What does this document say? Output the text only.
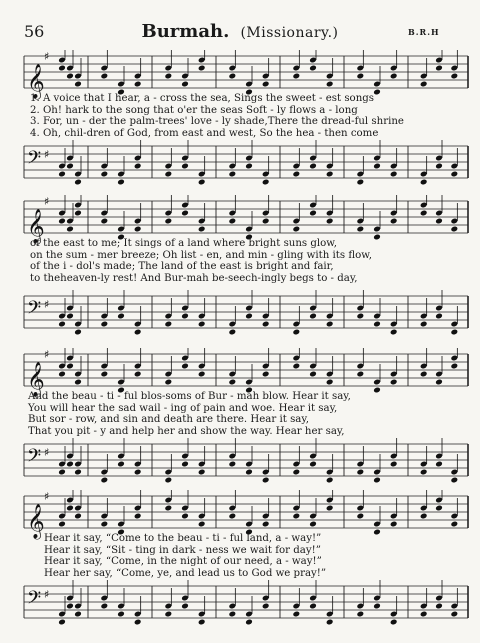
56	Burmah. (Missionary.)	B.R.H
𝄞
♯
1. A voice that I hear, a - cross the sea, Sings the sweet - est songs
2. Oh! hark to the song that o'er the seas Soft - ly flows a - long
3. For, un - der the palm-trees' love - ly shade,There the dread-ful shrine
4. Oh, chil-dren of God, from east and west, So the hea - then come
𝄢 ♯
𝄞
♯
of the east to me; It sings of a land where bright suns glow,
on the sum - mer breeze; Oh list - en, and min - gling with its flow,
of the i - dol's made; The land of the east is bright and fair,
to theheaven-ly rest! And Bur-mah be-seech-ingly begs to - day,
𝄢 ♯
𝄞
♯
And the beau - ti - ful blos-soms of Bur - mah blow. Hear it say,
You will hear the sad wail - ing of pain and woe. Hear it say,
But sor - row, and sin and death are there. Hear it say,
That you pit - y and help her and show the way. Hear her say,
𝄢 ♯
𝄞
♯
Hear it say, “Come to the beau - ti - ful land, a - way!”
Hear it say, “Sit - ting in dark - ness we wait for day!”
Hear it say, “Come, in the night of our need, a - way!”
Hear her say, “Come, ye, and lead us to God we pray!”
𝄢 ♯
